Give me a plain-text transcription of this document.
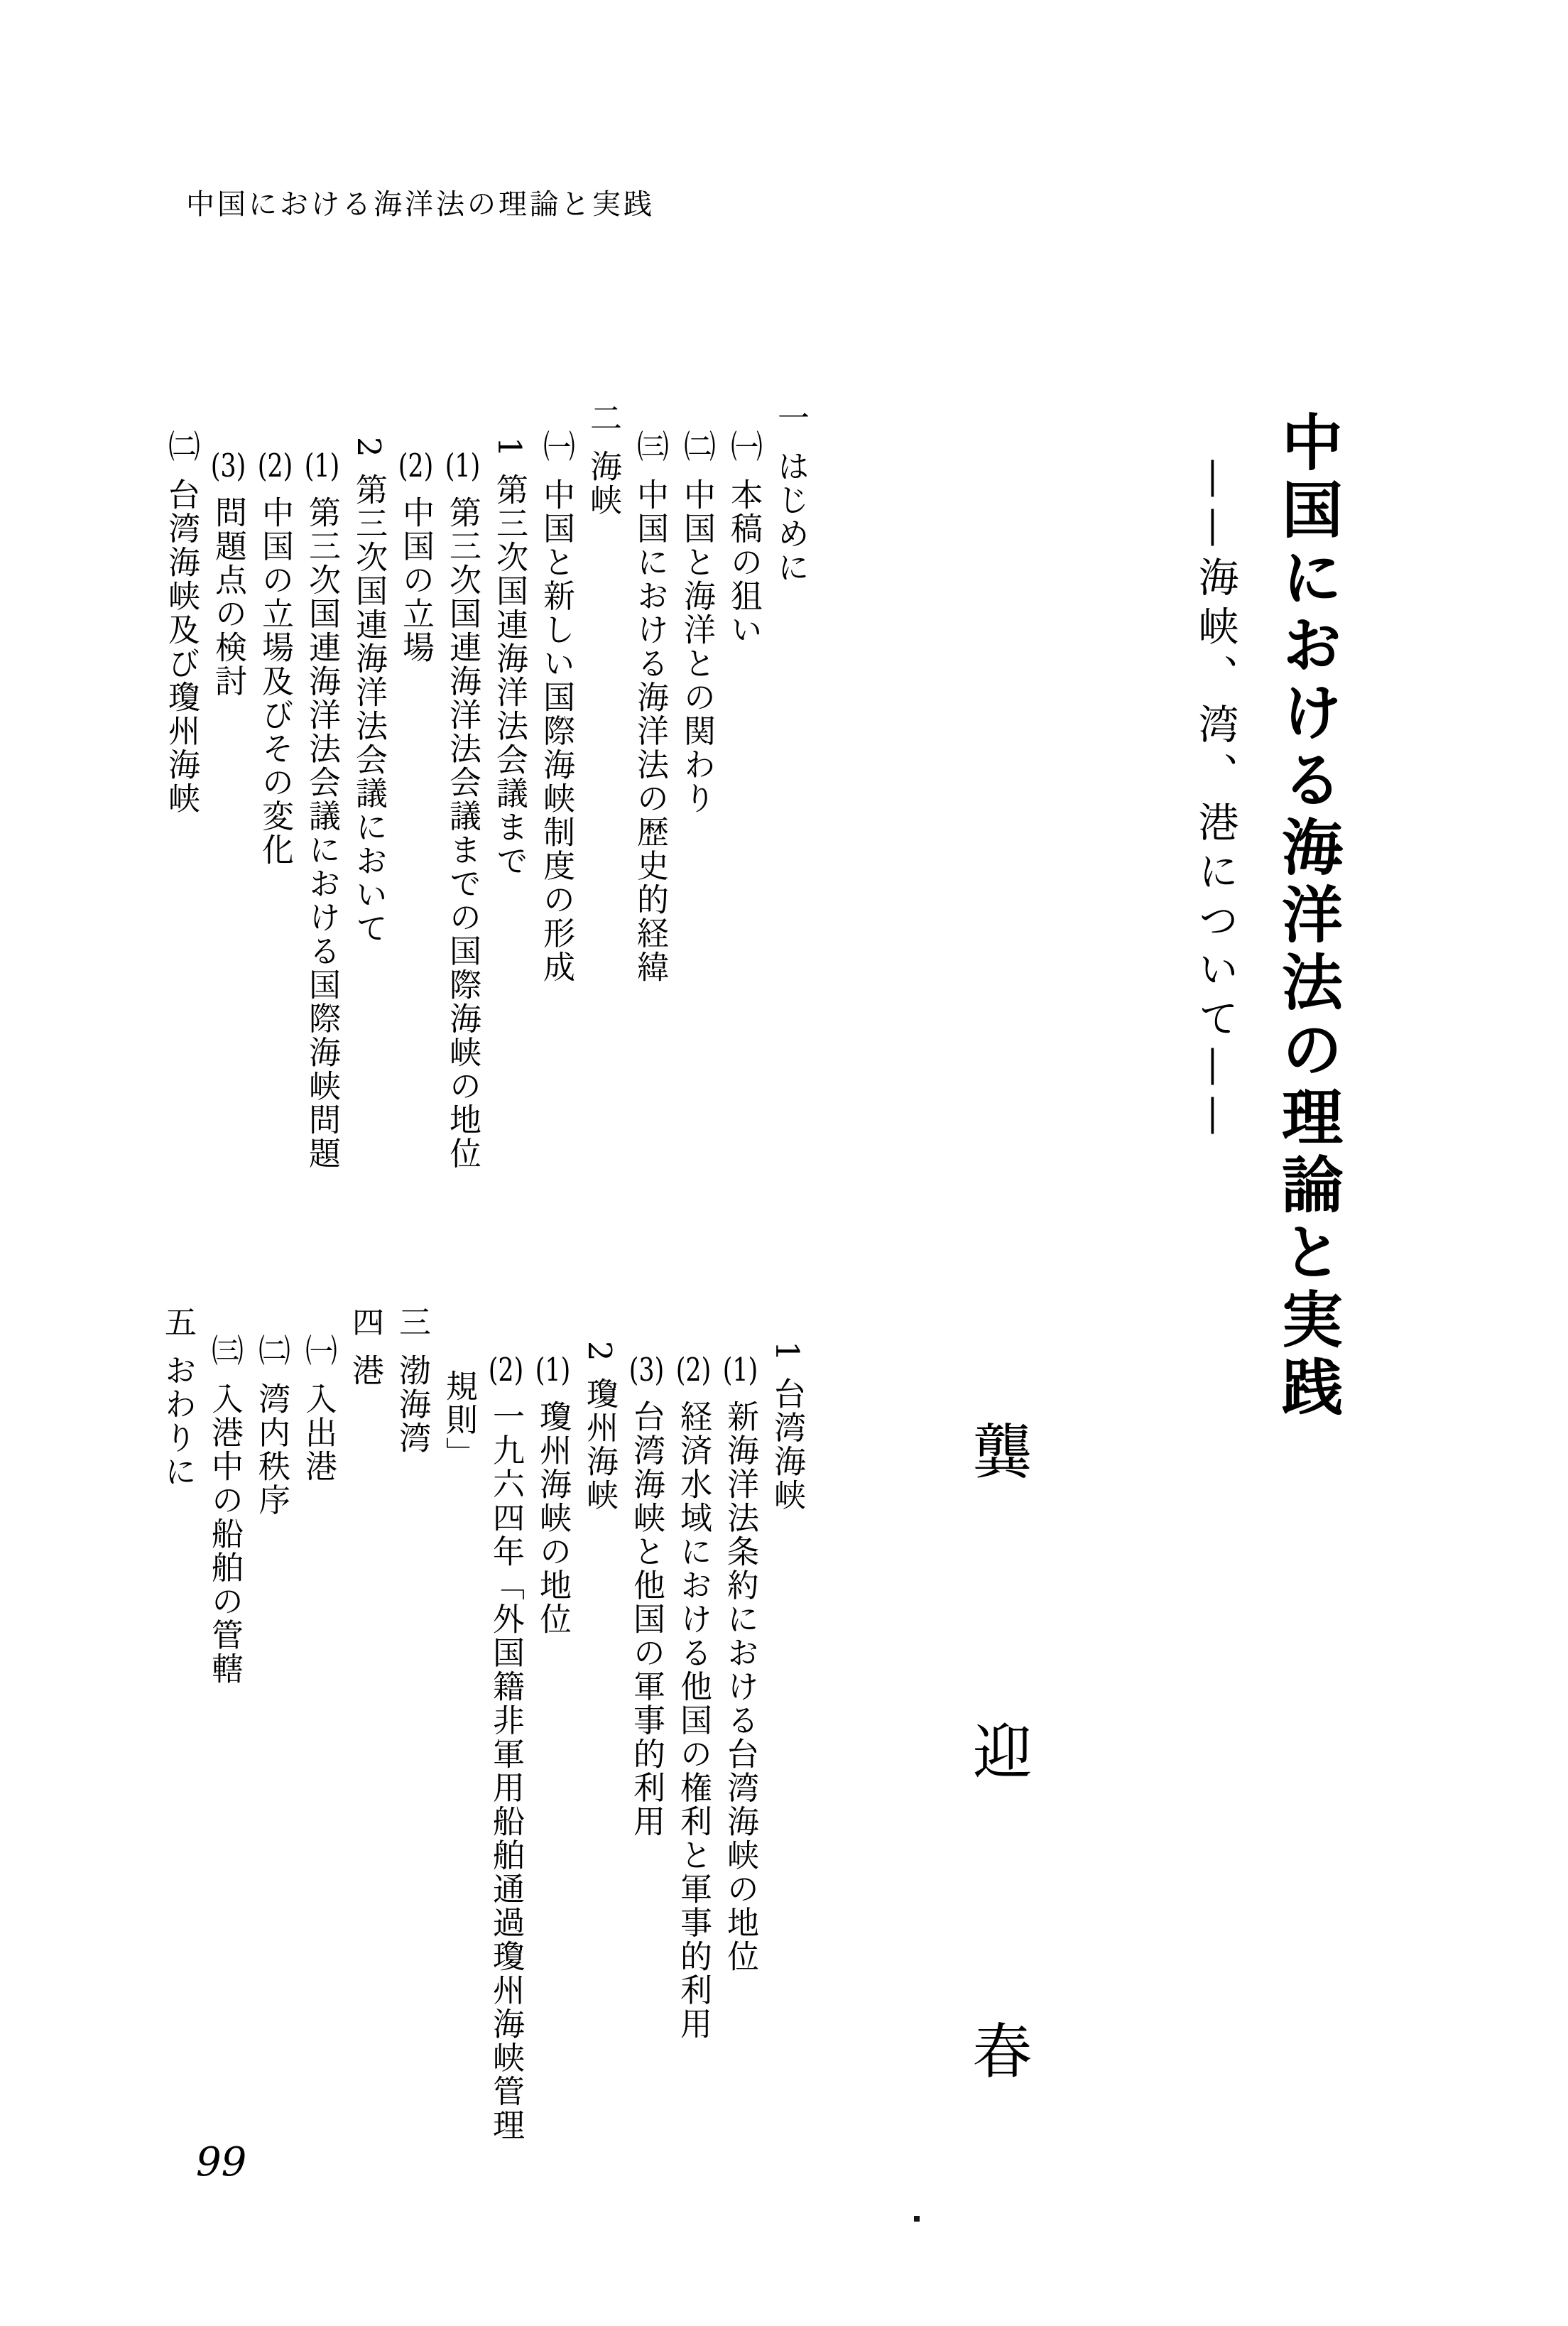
中国における海洋法の理論と実践
中国における海洋法の理論と実践
——海峡、湾、港について——
龔迎春
一はじめに
㈠本稿の狙い
㈡中国と海洋との関わり
㈢中国における海洋法の歴史的経緯
二海峡
㈠中国と新しい国際海峡制度の形成
1第三次国連海洋法会議まで
(1)第三次国連海洋法会議までの国際海峡の地位
(2)中国の立場
2第三次国連海洋法会議において
(1)第三次国連海洋法会議における国際海峡問題
(2)中国の立場及びその変化
(3)問題点の検討
㈡台湾海峡及び瓊州海峡
1台湾海峡
(1)新海洋法条約における台湾海峡の地位
(2)経済水域における他国の権利と軍事的利用
(3)台湾海峡と他国の軍事的利用
2瓊州海峡
(1)瓊州海峡の地位
(2)一九六四年「外国籍非軍用船舶通過瓊州海峡管理
規則」
三渤海湾
四港
㈠入出港
㈡湾内秩序
㈢入港中の船舶の管轄
五おわりに
99
